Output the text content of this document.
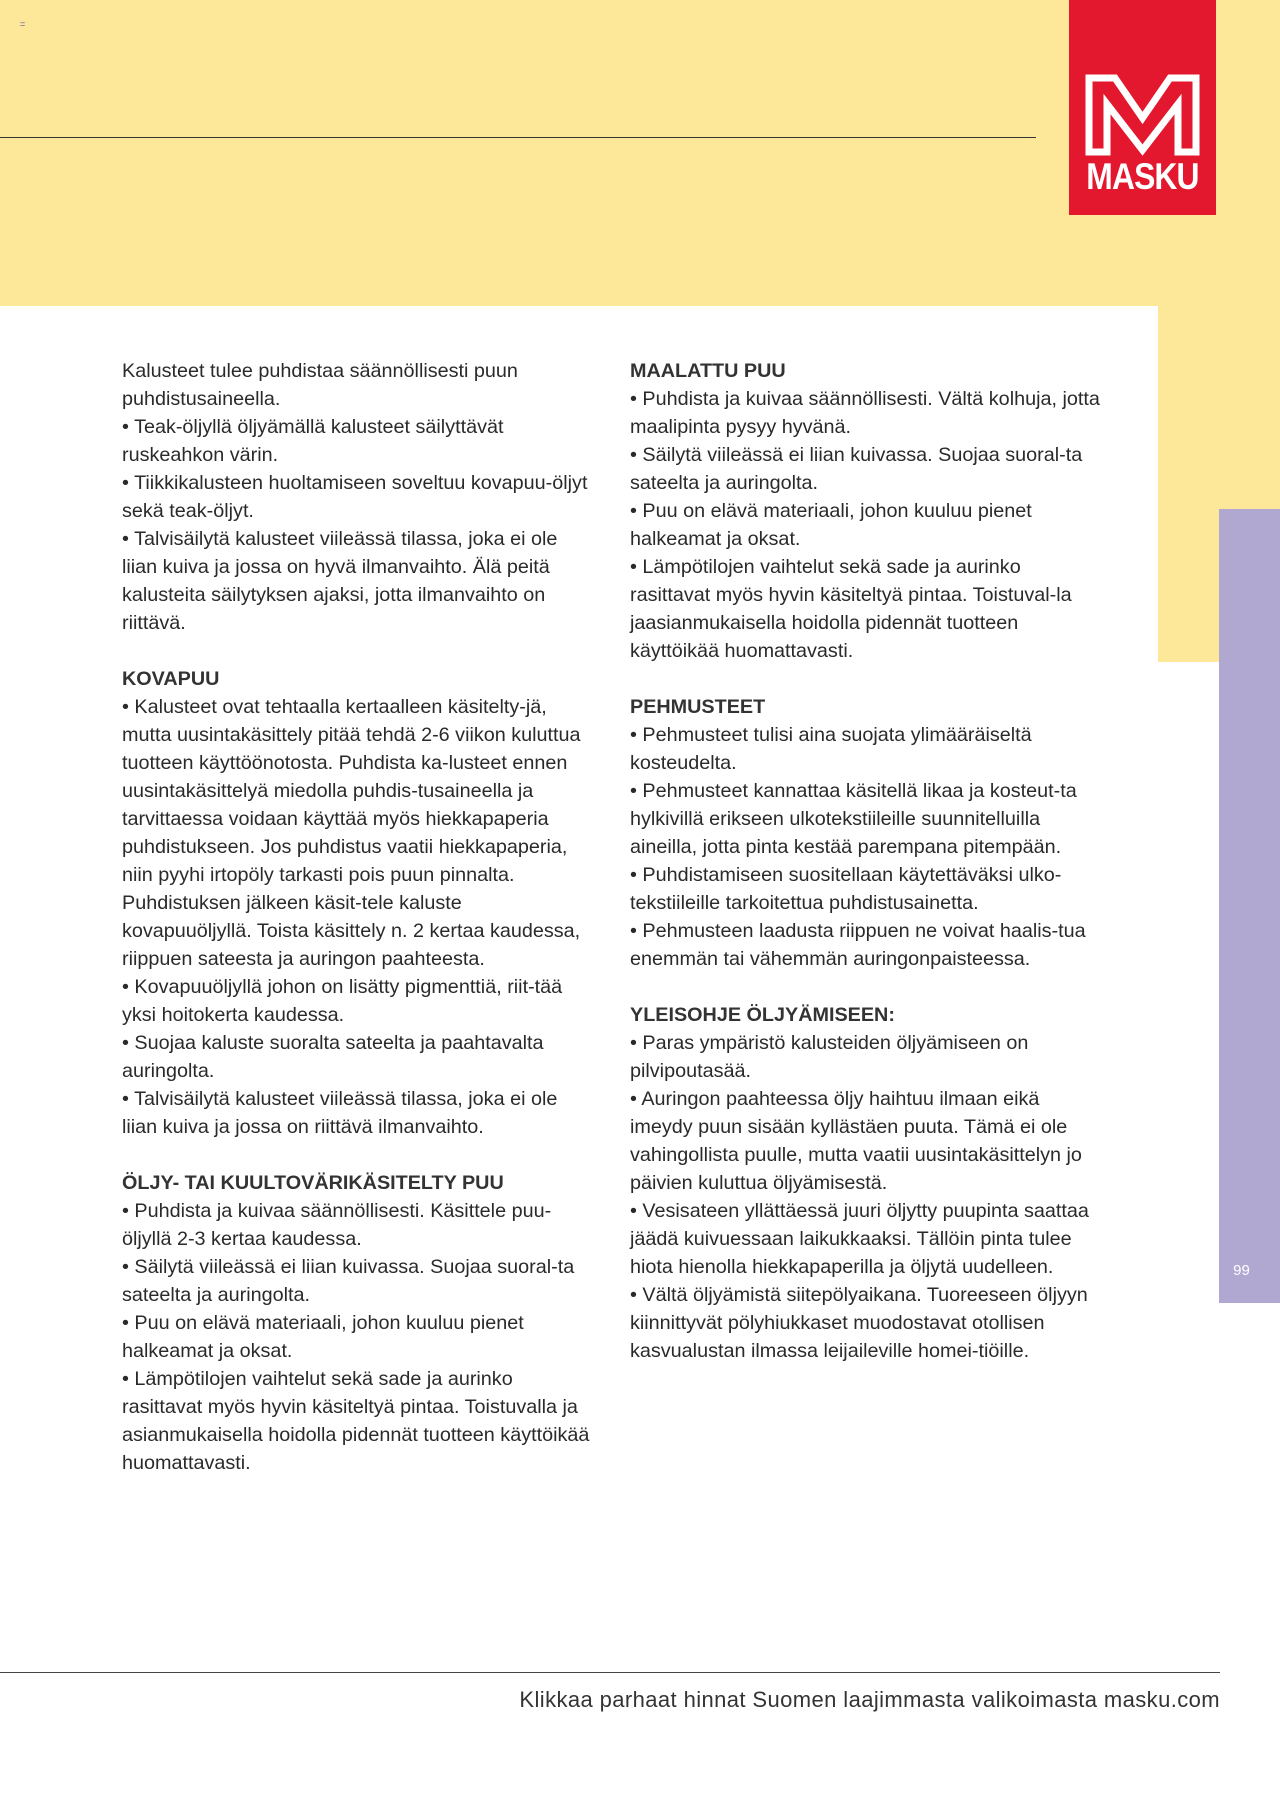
=
MASKU

Kalusteet tulee puhdistaa säännöllisesti puun puhdistusaineella.

• Teak-öljyllä öljyämällä kalusteet säilyttävät ruskeahkon värin.

• Tiikkikalusteen huoltamiseen soveltuu kovapuu-öljyt sekä teak-öljyt.

• Talvisäilytä kalusteet viileässä tilassa, joka ei ole liian kuiva ja jossa on hyvä ilmanvaihto. Älä peitä kalusteita säilytyksen ajaksi, jotta ilmanvaihto on riittävä.

KOVAPUU

• Kalusteet ovat tehtaalla kertaalleen käsitelty-jä, mutta uusintakäsittely pitää tehdä 2-6 viikon kuluttua tuotteen käyttöönotosta. Puhdista ka-lusteet ennen uusintakäsittelyä miedolla puhdis-tusaineella ja tarvittaessa voidaan käyttää myös hiekkapaperia puhdistukseen. Jos puhdistus vaatii hiekkapaperia, niin pyyhi irtopöly tarkasti pois puun pinnalta. Puhdistuksen jälkeen käsit-tele kaluste kovapuuöljyllä. Toista käsittely n. 2 kertaa kaudessa, riippuen sateesta ja auringon paahteesta.

• Kovapuuöljyllä johon on lisätty pigmenttiä, riit-tää yksi hoitokerta kaudessa.

• Suojaa kaluste suoralta sateelta ja paahtavalta auringolta.

• Talvisäilytä kalusteet viileässä tilassa, joka ei ole liian kuiva ja jossa on riittävä ilmanvaihto.

ÖLJY- TAI KUULTOVÄRIKÄSITELTY PUU

• Puhdista ja kuivaa säännöllisesti. Käsittele puu-öljyllä 2-3 kertaa kaudessa.

• Säilytä viileässä ei liian kuivassa. Suojaa suoral-ta sateelta ja auringolta.

• Puu on elävä materiaali, johon kuuluu pienet halkeamat ja oksat.

• Lämpötilojen vaihtelut sekä sade ja aurinko rasittavat myös hyvin käsiteltyä pintaa. Toistuvalla ja asianmukaisella hoidolla pidennät tuotteen käyttöikää huomattavasti.

MAALATTU PUU

• Puhdista ja kuivaa säännöllisesti. Vältä kolhuja, jotta maalipinta pysyy hyvänä.

• Säilytä viileässä ei liian kuivassa. Suojaa suoral-ta sateelta ja auringolta.

• Puu on elävä materiaali, johon kuuluu pienet halkeamat ja oksat.

• Lämpötilojen vaihtelut sekä sade ja aurinko rasittavat myös hyvin käsiteltyä pintaa. Toistuval-la jaasianmukaisella hoidolla pidennät tuotteen käyttöikää huomattavasti.

PEHMUSTEET

• Pehmusteet tulisi aina suojata ylimääräiseltä kosteudelta.

• Pehmusteet kannattaa käsitellä likaa ja kosteut-ta hylkivillä erikseen ulkotekstiileille suunnitelluilla aineilla, jotta pinta kestää parempana pitempään.

• Puhdistamiseen suositellaan käytettäväksi ulko-tekstiileille tarkoitettua puhdistusainetta.

• Pehmusteen laadusta riippuen ne voivat haalis-tua enemmän tai vähemmän auringonpaisteessa.

YLEISOHJE ÖLJYÄMISEEN:

• Paras ympäristö kalusteiden öljyämiseen on pilvipoutasää.

• Auringon paahteessa öljy haihtuu ilmaan eikä imeydy puun sisään kyllästäen puuta. Tämä ei ole vahingollista puulle, mutta vaatii uusintakäsittelyn jo päivien kuluttua öljyämisestä.

• Vesisateen yllättäessä juuri öljytty puupinta saattaa jäädä kuivuessaan laikukkaaksi. Tällöin pinta tulee hiota hienolla hiekkapaperilla ja öljytä uudelleen.

• Vältä öljyämistä siitepölyaikana. Tuoreeseen öljyyn kiinnittyvät pölyhiukkaset muodostavat otollisen kasvualustan ilmassa leijaileville homei-tiöille.

99
Klikkaa parhaat hinnat Suomen laajimmasta valikoimasta masku.com
